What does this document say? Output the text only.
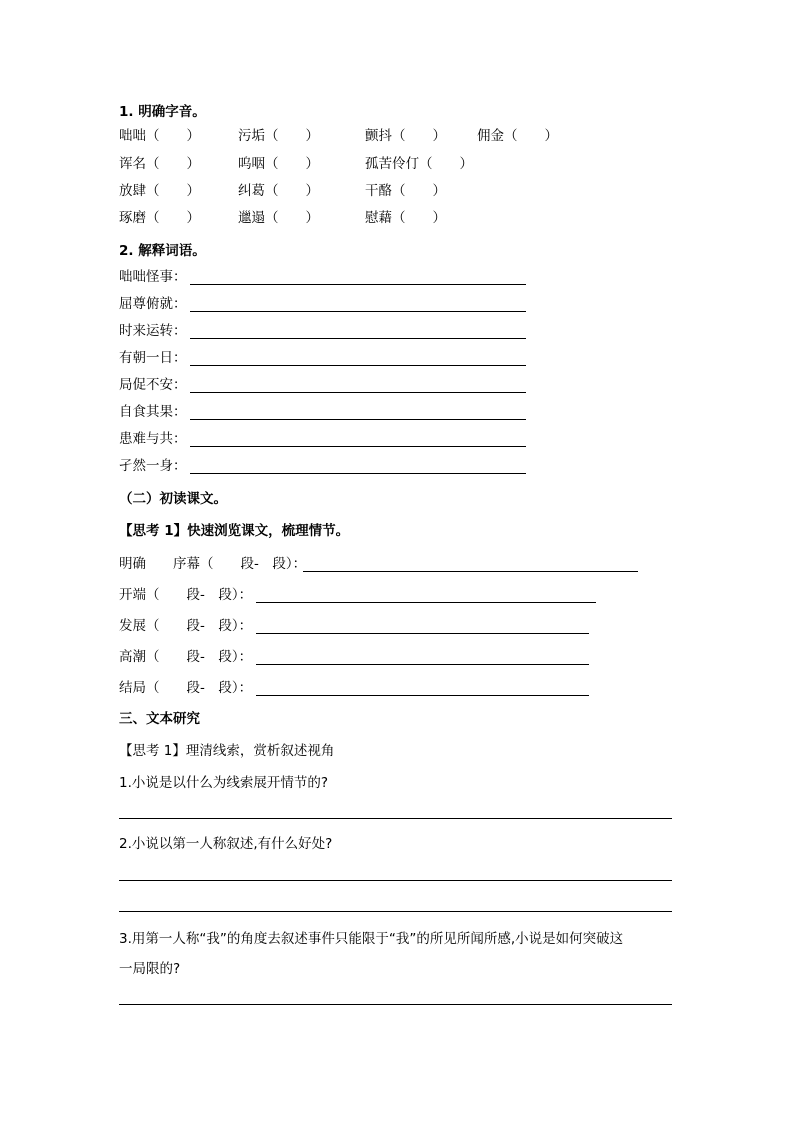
1. 明确字音。
咄咄（　　）	污垢（　　）	颤抖（　　） 佣金（　　）
诨名（　　）	呜咽（　　）	孤苦伶仃（　　）
放肆（　　）	纠葛（　　）	干酪（　　）
琢磨（　　）	邋遢（　　）	慰藉（　　）
2. 解释词语。
咄咄怪事：
屈尊俯就：
时来运转：
有朝一日：
局促不安：
自食其果：
患难与共：
孑然一身：
（二）初读课文。
【思考 1】快速浏览课文，梳理情节。
明确　　序幕（　　段-　段）：
开端（　　段-　段）：
发展（　　段-　段）：
高潮（　　段-　段）：
结局（　　段-　段）：
三、文本研究
【思考 1】理清线索，赏析叙述视角
1.小说是以什么为线索展开情节的?
2.小说以第一人称叙述,有什么好处?
3.用第一人称“我”的角度去叙述事件只能限于“我”的所见所闻所感,小说是如何突破这
一局限的?
